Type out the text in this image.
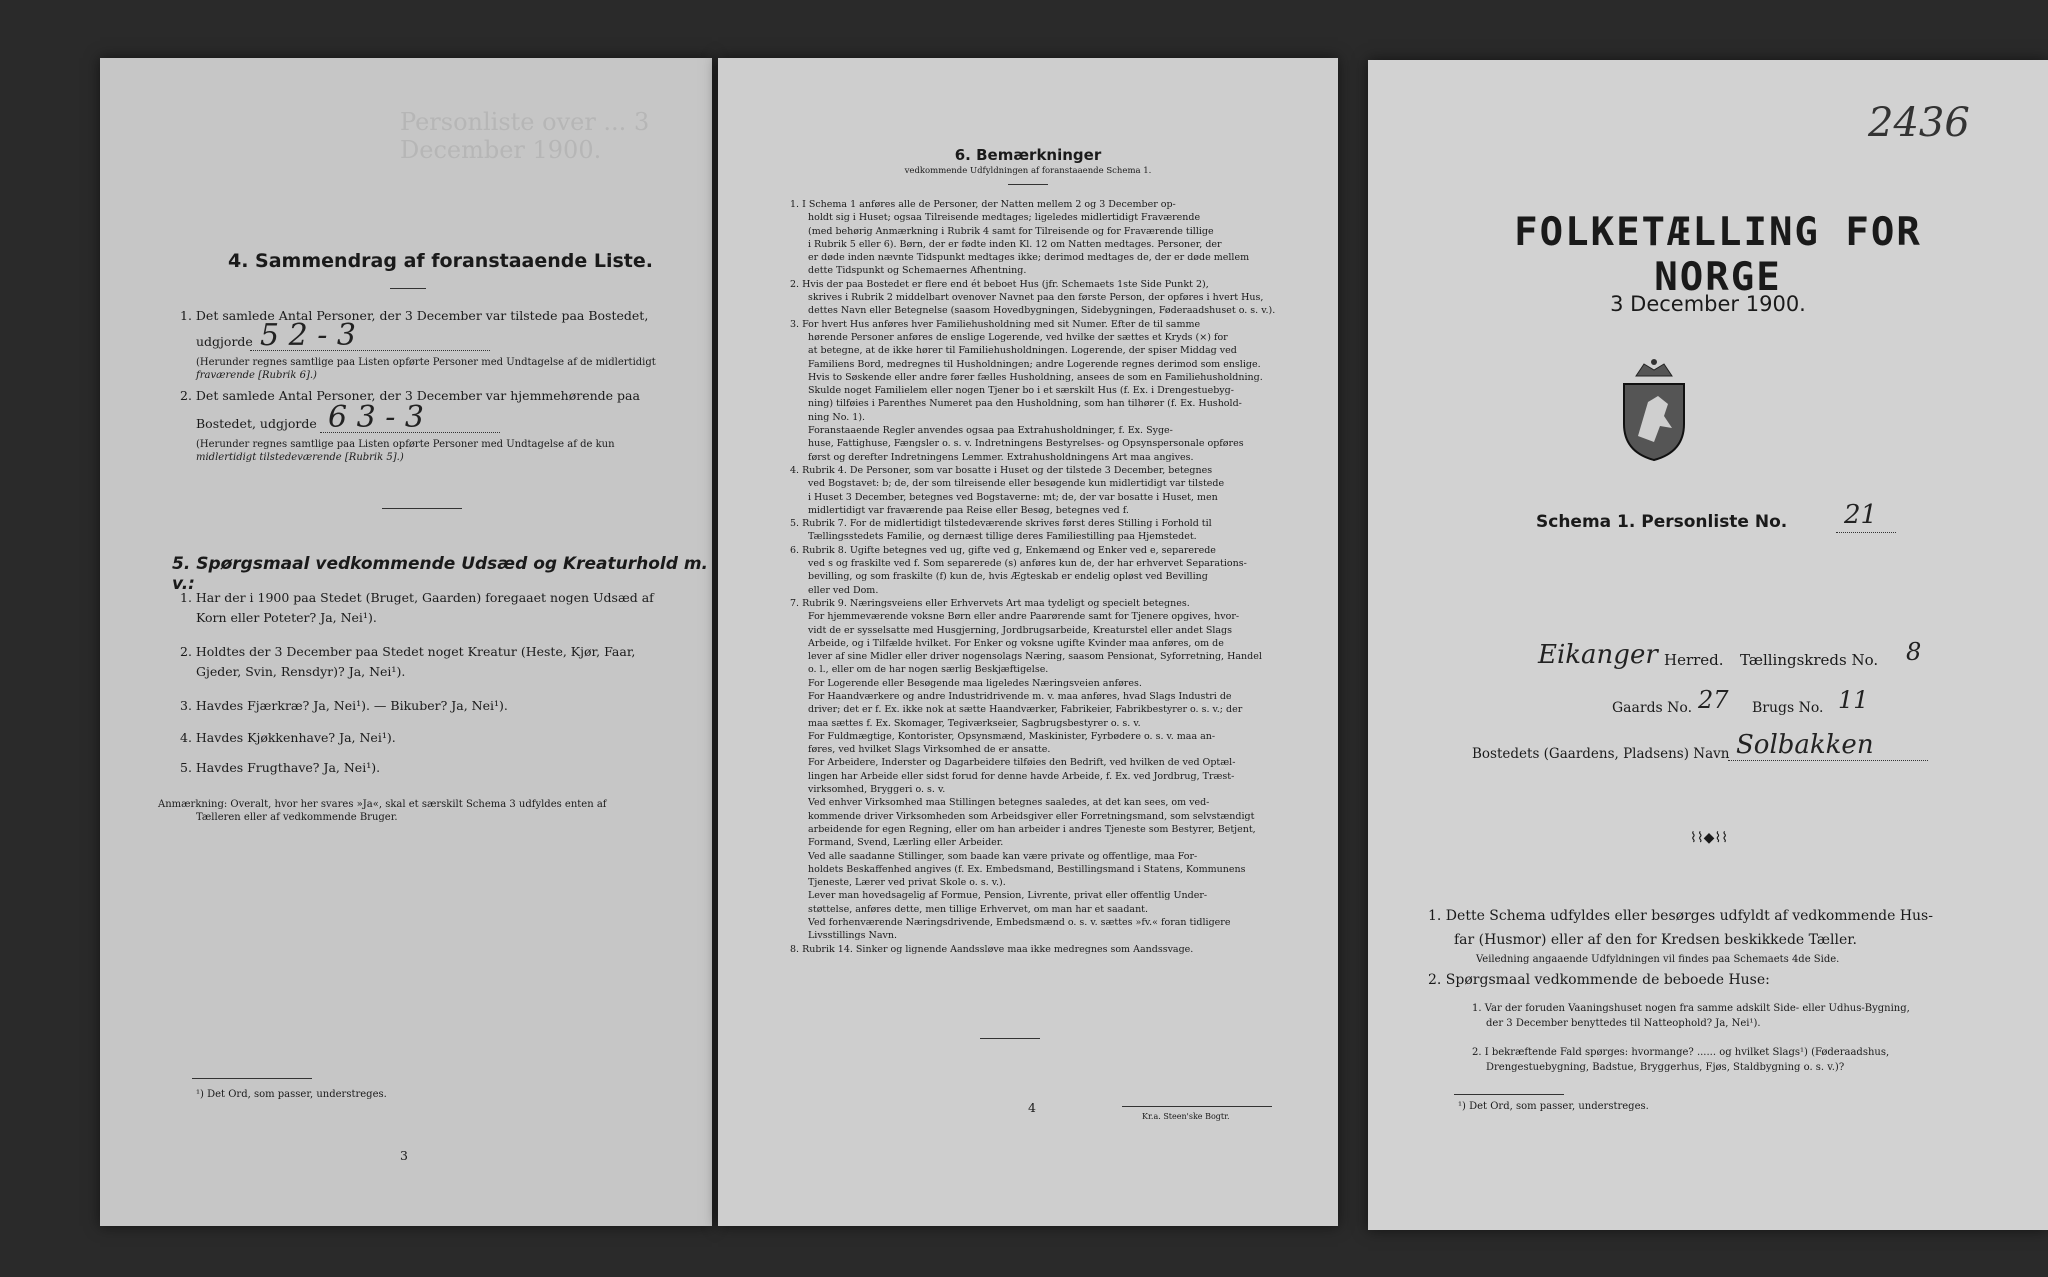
Personliste over ... 3 December 1900.
4. Sammendrag af foranstaaende Liste.
1. Det samlede Antal Personer, der 3 December var tilstede paa Bostedet,
udgjorde 5 2 - 3
(Herunder regnes samtlige paa Listen opførte Personer med Undtagelse af de midlertidigt
fraværende [Rubrik 6].)
2. Det samlede Antal Personer, der 3 December var hjemmehørende paa
Bostedet, udgjorde 6 3 - 3
(Herunder regnes samtlige paa Listen opførte Personer med Undtagelse af de kun
midlertidigt tilstedeværende [Rubrik 5].)
5. Spørgsmaal vedkommende Udsæd og Kreaturhold m. v.:
1. Har der i 1900 paa Stedet (Bruget, Gaarden) foregaaet nogen Udsæd af
Korn eller Poteter? Ja, Nei¹).
2. Holdtes der 3 December paa Stedet noget Kreatur (Heste, Kjør, Faar,
Gjeder, Svin, Rensdyr)? Ja, Nei¹).
3. Havdes Fjærkræ? Ja, Nei¹). — Bikuber? Ja, Nei¹).
4. Havdes Kjøkkenhave? Ja, Nei¹).
5. Havdes Frugthave? Ja, Nei¹).
Anmærkning: Overalt, hvor her svares »Ja«, skal et særskilt Schema 3 udfyldes enten af
Tælleren eller af vedkommende Bruger.
¹) Det Ord, som passer, understreges.
3
6. Bemærkninger
vedkommende Udfyldningen af foranstaaende Schema 1.
1. I Schema 1 anføres alle de Personer, der Natten mellem 2 og 3 December op-
holdt sig i Huset; ogsaa Tilreisende medtages; ligeledes midlertidigt Fraværende
(med behørig Anmærkning i Rubrik 4 samt for Tilreisende og for Fraværende tillige
i Rubrik 5 eller 6). Børn, der er fødte inden Kl. 12 om Natten medtages. Personer, der
er døde inden nævnte Tidspunkt medtages ikke; derimod medtages de, der er døde mellem
dette Tidspunkt og Schemaernes Afhentning.
2. Hvis der paa Bostedet er flere end ét beboet Hus (jfr. Schemaets 1ste Side Punkt 2),
skrives i Rubrik 2 middelbart ovenover Navnet paa den første Person, der opføres i hvert Hus,
dettes Navn eller Betegnelse (saasom Hovedbygningen, Sidebygningen, Føderaadshuset o. s. v.).
3. For hvert Hus anføres hver Familiehusholdning med sit Numer. Efter de til samme
hørende Personer anføres de enslige Logerende, ved hvilke der sættes et Kryds (×) for
at betegne, at de ikke hører til Familiehusholdningen. Logerende, der spiser Middag ved
Familiens Bord, medregnes til Husholdningen; andre Logerende regnes derimod som enslige.
Hvis to Søskende eller andre fører fælles Husholdning, ansees de som en Familiehusholdning.
Skulde noget Familielem eller nogen Tjener bo i et særskilt Hus (f. Ex. i Drengestuebyg-
ning) tilføies i Parenthes Numeret paa den Husholdning, som han tilhører (f. Ex. Hushold-
ning No. 1).
Foranstaaende Regler anvendes ogsaa paa Extrahusholdninger, f. Ex. Syge-
huse, Fattighuse, Fængsler o. s. v. Indretningens Bestyrelses- og Opsynspersonale opføres
først og derefter Indretningens Lemmer. Extrahusholdningens Art maa angives.
4. Rubrik 4. De Personer, som var bosatte i Huset og der tilstede 3 December, betegnes
ved Bogstavet: b; de, der som tilreisende eller besøgende kun midlertidigt var tilstede
i Huset 3 December, betegnes ved Bogstaverne: mt; de, der var bosatte i Huset, men
midlertidigt var fraværende paa Reise eller Besøg, betegnes ved f.
5. Rubrik 7. For de midlertidigt tilstedeværende skrives først deres Stilling i Forhold til
Tællingsstedets Familie, og dernæst tillige deres Familiestilling paa Hjemstedet.
6. Rubrik 8. Ugifte betegnes ved ug, gifte ved g, Enkemænd og Enker ved e, separerede
ved s og fraskilte ved f. Som separerede (s) anføres kun de, der har erhvervet Separations-
bevilling, og som fraskilte (f) kun de, hvis Ægteskab er endelig opløst ved Bevilling
eller ved Dom.
7. Rubrik 9. Næringsveiens eller Erhvervets Art maa tydeligt og specielt betegnes.
For hjemmeværende voksne Børn eller andre Paarørende samt for Tjenere opgives, hvor-
vidt de er sysselsatte med Husgjerning, Jordbrugsarbeide, Kreaturstel eller andet Slags
Arbeide, og i Tilfælde hvilket. For Enker og voksne ugifte Kvinder maa anføres, om de
lever af sine Midler eller driver nogensolags Næring, saasom Pensionat, Syforretning, Handel
o. l., eller om de har nogen særlig Beskjæftigelse.
For Logerende eller Besøgende maa ligeledes Næringsveien anføres.
For Haandværkere og andre Industridrivende m. v. maa anføres, hvad Slags Industri de
driver; det er f. Ex. ikke nok at sætte Haandværker, Fabrikeier, Fabrikbestyrer o. s. v.; der
maa sættes f. Ex. Skomager, Tegiværkseier, Sagbrugsbestyrer o. s. v.
For Fuldmægtige, Kontorister, Opsynsmænd, Maskinister, Fyrbødere o. s. v. maa an-
føres, ved hvilket Slags Virksomhed de er ansatte.
For Arbeidere, Inderster og Dagarbeidere tilføies den Bedrift, ved hvilken de ved Optæl-
lingen har Arbeide eller sidst forud for denne havde Arbeide, f. Ex. ved Jordbrug, Træst-
virksomhed, Bryggeri o. s. v.
Ved enhver Virksomhed maa Stillingen betegnes saaledes, at det kan sees, om ved-
kommende driver Virksomheden som Arbeidsgiver eller Forretningsmand, som selvstændigt
arbeidende for egen Regning, eller om han arbeider i andres Tjeneste som Bestyrer, Betjent,
Formand, Svend, Lærling eller Arbeider.
Ved alle saadanne Stillinger, som baade kan være private og offentlige, maa For-
holdets Beskaffenhed angives (f. Ex. Embedsmand, Bestillingsmand i Statens, Kommunens
Tjeneste, Lærer ved privat Skole o. s. v.).
Lever man hovedsagelig af Formue, Pension, Livrente, privat eller offentlig Under-
støttelse, anføres dette, men tillige Erhvervet, om man har et saadant.
Ved forhenværende Næringsdrivende, Embedsmænd o. s. v. sættes »fv.« foran tidligere
Livsstillings Navn.
8. Rubrik 14. Sinker og lignende Aandssløve maa ikke medregnes som Aandssvage.
4
Kr.a. Steen'ske Bogtr.
2436
FOLKETÆLLING FOR NORGE
3 December 1900.
Schema 1. Personliste No. 21
Eikanger Herred. Tællingskreds No. 8
Gaards No. 27 Brugs No. 11
Bostedets (Gaardens, Pladsens) Navn Solbakken
⌇⌇◆⌇⌇
1. Dette Schema udfyldes eller besørges udfyldt af vedkommende Hus-
far (Husmor) eller af den for Kredsen beskikkede Tæller.
Veiledning angaaende Udfyldningen vil findes paa Schemaets 4de Side.
2. Spørgsmaal vedkommende de beboede Huse:
1. Var der foruden Vaaningshuset nogen fra samme adskilt Side- eller Udhus-Bygning,
der 3 December benyttedes til Natteophold? Ja, Nei¹).
2. I bekræftende Fald spørges: hvormange? ...... og hvilket Slags¹) (Føderaadshus,
Drengestuebygning, Badstue, Bryggerhus, Fjøs, Staldbygning o. s. v.)?
¹) Det Ord, som passer, understreges.
